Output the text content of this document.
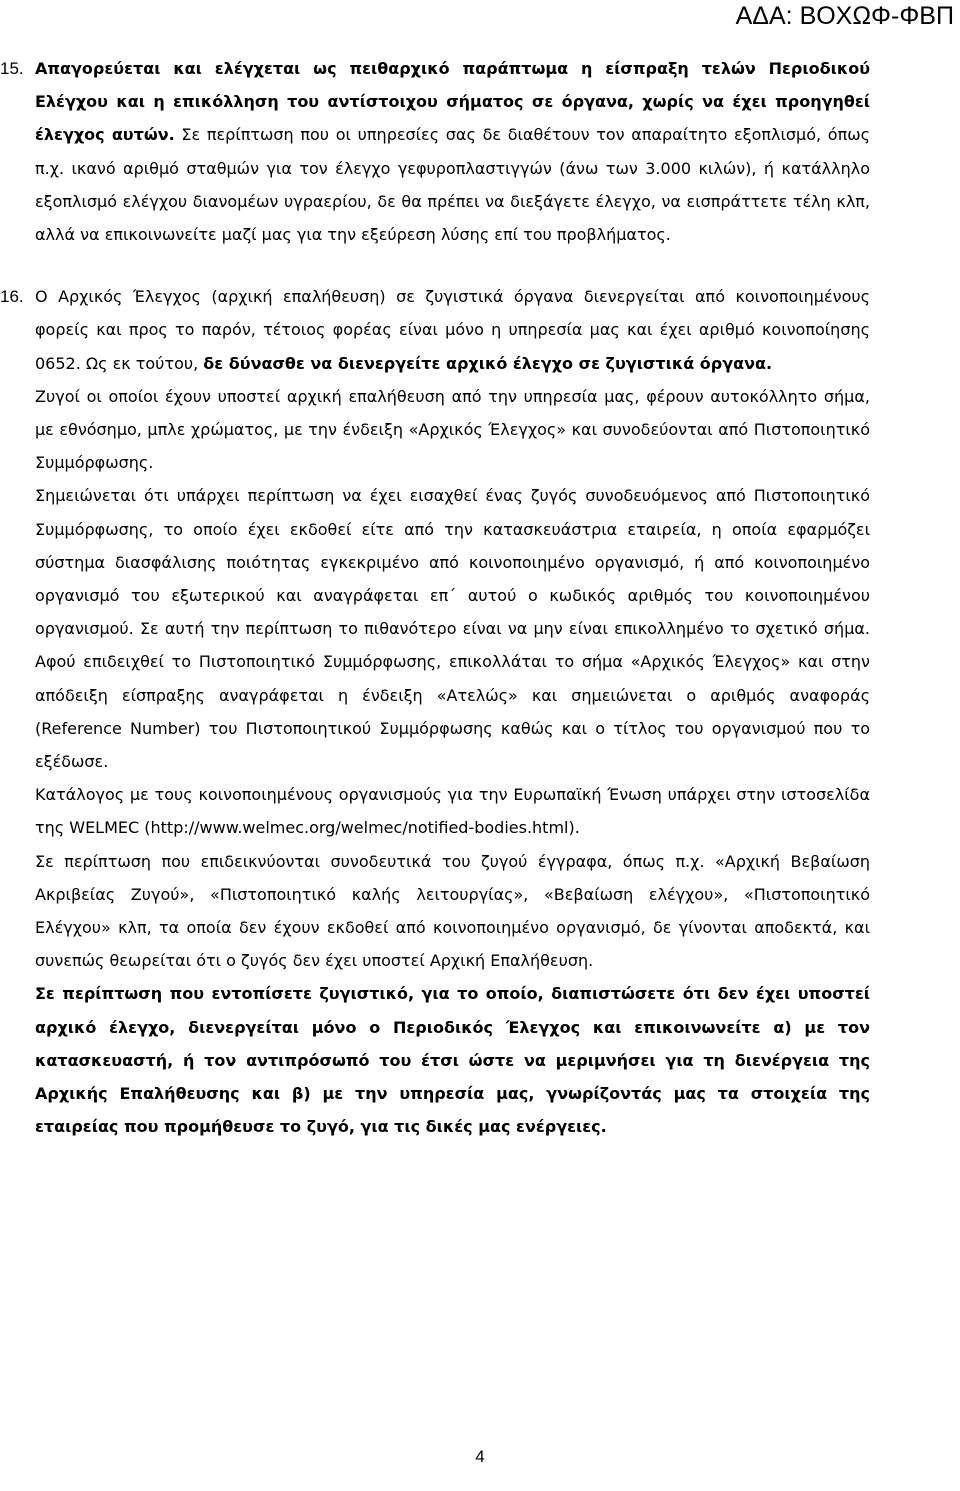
ΑΔΑ: ΒΟΧΩΦ-ΦΒΠ
15. Απαγορεύεται και ελέγχεται ως πειθαρχικό παράπτωμα η είσπραξη τελών Περιοδικού Ελέγχου και η επικόλληση του αντίστοιχου σήματος σε όργανα, χωρίς να έχει προηγηθεί έλεγχος αυτών. Σε περίπτωση που οι υπηρεσίες σας δε διαθέτουν τον απαραίτητο εξοπλισμό, όπως π.χ. ικανό αριθμό σταθμών για τον έλεγχο γεφυροπλαστιγγών (άνω των 3.000 κιλών), ή κατάλληλο εξοπλισμό ελέγχου διανομέων υγραερίου, δε θα πρέπει να διεξάγετε έλεγχο, να εισπράττετε τέλη κλπ, αλλά να επικοινωνείτε μαζί μας για την εξεύρεση λύσης επί του προβλήματος.

16. Ο Αρχικός Έλεγχος (αρχική επαλήθευση) σε ζυγιστικά όργανα διενεργείται από κοινοποιημένους φορείς και προς το παρόν, τέτοιος φορέας είναι μόνο η υπηρεσία μας και έχει αριθμό κοινοποίησης 0652. Ως εκ τούτου, δε δύνασθε να διενεργείτε αρχικό έλεγχο σε ζυγιστικά όργανα.

Ζυγοί οι οποίοι έχουν υποστεί αρχική επαλήθευση από την υπηρεσία μας, φέρουν αυτοκόλλητο σήμα, με εθνόσημο, μπλε χρώματος, με την ένδειξη «Αρχικός Έλεγχος» και συνοδεύονται από Πιστοποιητικό Συμμόρφωσης.

Σημειώνεται ότι υπάρχει περίπτωση να έχει εισαχθεί ένας ζυγός συνοδευόμενος από Πιστοποιητικό Συμμόρφωσης, το οποίο έχει εκδοθεί είτε από την κατασκευάστρια εταιρεία, η οποία εφαρμόζει σύστημα διασφάλισης ποιότητας εγκεκριμένο από κοινοποιημένο οργανισμό, ή από κοινοποιημένο οργανισμό του εξωτερικού και αναγράφεται επ΄ αυτού ο κωδικός αριθμός του κοινοποιημένου οργανισμού. Σε αυτή την περίπτωση το πιθανότερο είναι να μην είναι επικολλημένο το σχετικό σήμα. Αφού επιδειχθεί το Πιστοποιητικό Συμμόρφωσης, επικολλάται το σήμα «Αρχικός Έλεγχος» και στην απόδειξη είσπραξης αναγράφεται η ένδειξη «Ατελώς» και σημειώνεται ο αριθμός αναφοράς (Reference Number) του Πιστοποιητικού Συμμόρφωσης καθώς και ο τίτλος του οργανισμού που το εξέδωσε.

Κατάλογος με τους κοινοποιημένους οργανισμούς για την Ευρωπαϊκή Ένωση υπάρχει στην ιστοσελίδα της WELMEC (http://www.welmec.org/welmec/notified-bodies.html).

Σε περίπτωση που επιδεικνύονται συνοδευτικά του ζυγού έγγραφα, όπως π.χ. «Αρχική Βεβαίωση Ακριβείας Ζυγού», «Πιστοποιητικό καλής λειτουργίας», «Βεβαίωση ελέγχου», «Πιστοποιητικό Ελέγχου» κλπ, τα οποία δεν έχουν εκδοθεί από κοινοποιημένο οργανισμό, δε γίνονται αποδεκτά, και συνεπώς θεωρείται ότι ο ζυγός δεν έχει υποστεί Αρχική Επαλήθευση.

Σε περίπτωση που εντοπίσετε ζυγιστικό, για το οποίο, διαπιστώσετε ότι δεν έχει υποστεί αρχικό έλεγχο, διενεργείται μόνο ο Περιοδικός Έλεγχος και επικοινωνείτε α) με τον κατασκευαστή, ή τον αντιπρόσωπό του έτσι ώστε να μεριμνήσει για τη διενέργεια της Αρχικής Επαλήθευσης και β) με την υπηρεσία μας, γνωρίζοντάς μας τα στοιχεία της εταιρείας που προμήθευσε το ζυγό, για τις δικές μας ενέργειες.

4
